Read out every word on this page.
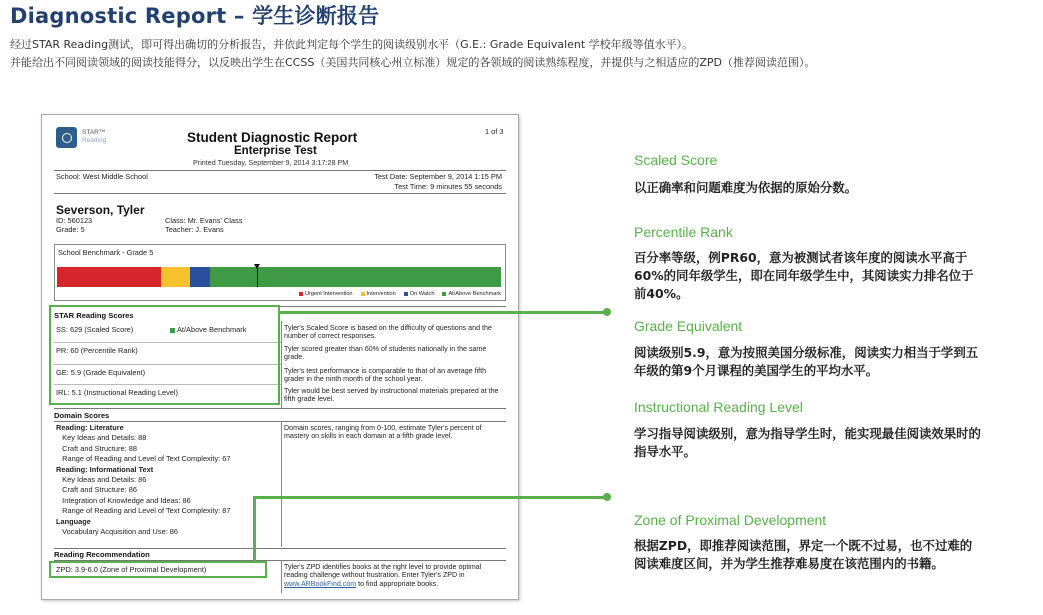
Diagnostic Report – 学生诊断报告
经过STAR Reading测试，即可得出确切的分析报告，并依此判定每个学生的阅读级别水平（G.E.: Grade Equivalent 学校年级等值水平）。
并能给出不同阅读领域的阅读技能得分，以反映出学生在CCSS（美国共同核心州立标准）规定的各领域的阅读熟练程度，并提供与之相适应的ZPD（推荐阅读范围）。
STAR™
Reading	Student Diagnostic Report
Enterprise Test
Printed Tuesday, September 9, 2014 3:17:28 PM
1 of 3
School: West Middle School	Test Date: September 9, 2014 1:15 PM
Test Time: 9 minutes 55 seconds
Severson, Tyler
ID: 560123
Grade: 5
Class: Mr. Evans' Class
Teacher: J. Evans
School Benchmark - Grade 5
Urgent Intervention	Intervention	On Watch	At/Above Benchmark
STAR Reading Scores
SS: 629 (Scaled Score)	At/Above Benchmark	Tyler's Scaled Score is based on the difficulty of questions and the number of correct responses.
PR: 60 (Percentile Rank)	Tyler scored greater than 60% of students nationally in the same grade.
GE: 5.9 (Grade Equivalent)	Tyler's test performance is comparable to that of an average fifth grader in the ninth month of the school year.
IRL: 5.1 (Instructional Reading Level)	Tyler would be best served by instructional materials prepared at the fifth grade level.
Domain Scores
Reading: Literature
Key Ideas and Details: 88
Craft and Structure: 88
Range of Reading and Level of Text Complexity: 67
Reading: Informational Text
Key Ideas and Details: 86
Craft and Structure: 86
Integration of Knowledge and Ideas: 86
Range of Reading and Level of Text Complexity: 87
Language
Vocabulary Acquisition and Use: 86
Domain scores, ranging from 0-100, estimate Tyler's percent of mastery on skills in each domain at a fifth grade level.
Reading Recommendation
ZPD: 3.9-6.0 (Zone of Proximal Development)	Tyler's ZPD identifies books at the right level to provide optimal reading challenge without frustration. Enter Tyler's ZPD in www.ARBookFind.com to find appropriate books.
Scaled Score
以正确率和问题难度为依据的原始分数。
Percentile Rank
百分率等级，例PR60，意为被测试者该年度的阅读水平高于60%的同年级学生，即在同年级学生中，其阅读实力排名位于前40%。
Grade Equivalent
阅读级别5.9，意为按照美国分级标准，阅读实力相当于学到五年级的第9个月课程的美国学生的平均水平。
Instructional Reading Level
学习指导阅读级别，意为指导学生时，能实现最佳阅读效果时的指导水平。
Zone of Proximal Development
根据ZPD，即推荐阅读范围，界定一个既不过易，也不过难的阅读难度区间，并为学生推荐难易度在该范围内的书籍。
